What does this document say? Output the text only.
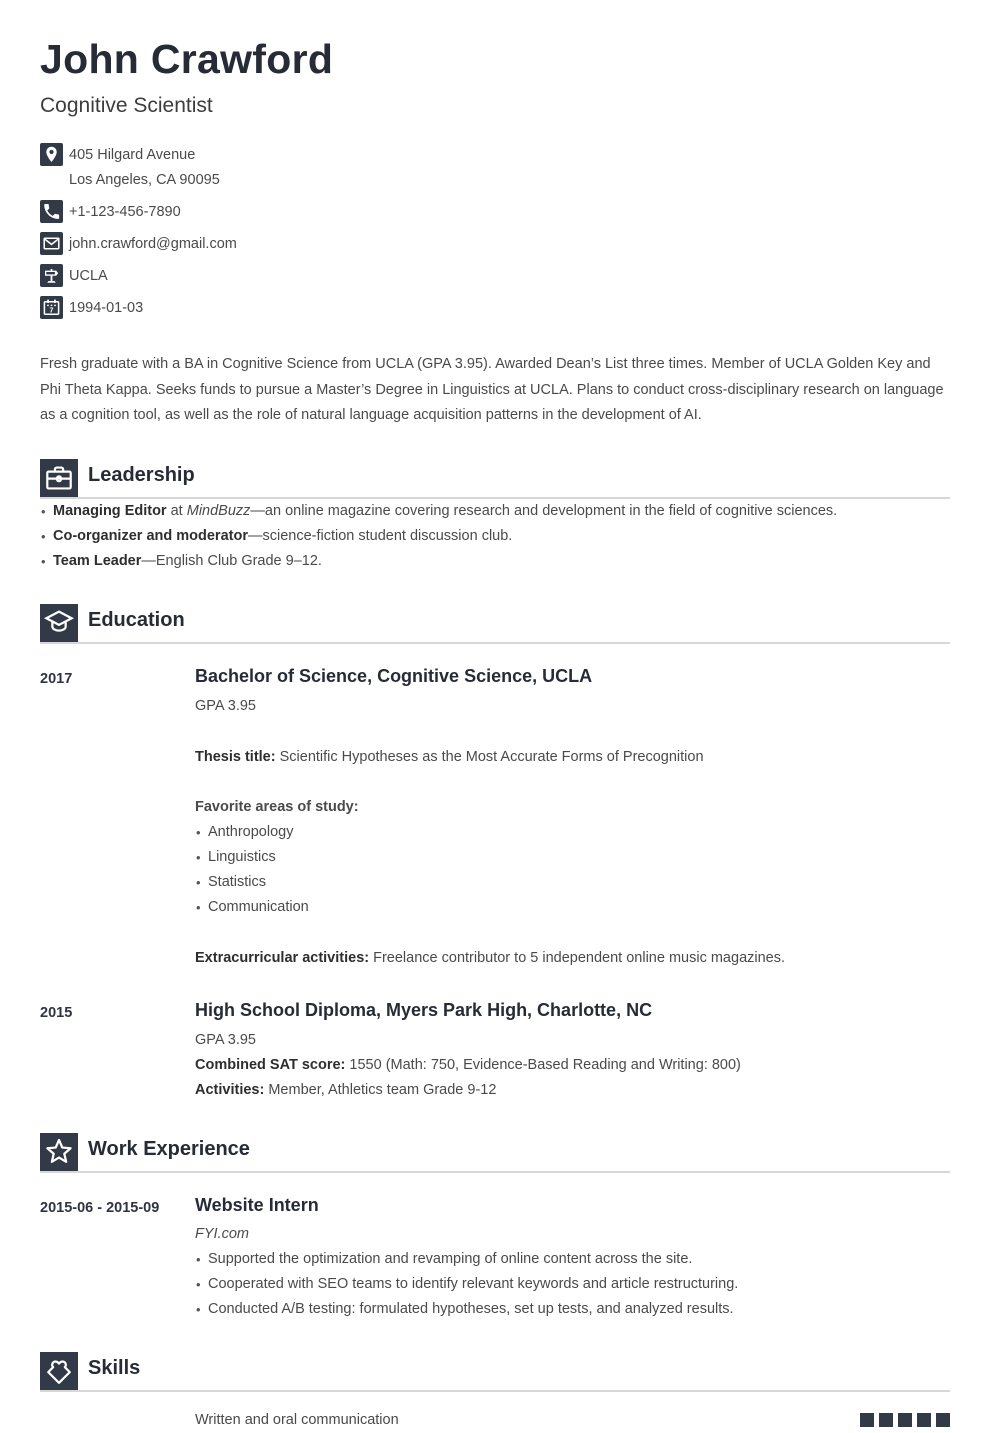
John Crawford
Cognitive Scientist
405 Hilgard Avenue
Los Angeles, CA 90095
+1-123-456-7890
john.crawford@gmail.com
UCLA
7 1994-01-03

Fresh graduate with a BA in Cognitive Science from UCLA (GPA 3.95). Awarded Dean’s List three times. Member of UCLA Golden Key and Phi Theta Kappa. Seeks funds to pursue a Master’s Degree in Linguistics at UCLA. Plans to conduct cross-disciplinary research on language as a cognition tool, as well as the role of natural language acquisition patterns in the development of AI.

Leadership
• Managing Editor at MindBuzz—an online magazine covering research and development in the field of cognitive sciences.
• Co-organizer and moderator—science-fiction student discussion club.
• Team Leader—English Club Grade 9–12.
Education
2017	Bachelor of Science, Cognitive Science, UCLA
GPA 3.95
Thesis title: Scientific Hypotheses as the Most Accurate Forms of Precognition
Favorite areas of study:
• Anthropology
• Linguistics
• Statistics
• Communication
Extracurricular activities: Freelance contributor to 5 independent online music magazines.
2015	High School Diploma, Myers Park High, Charlotte, NC
GPA 3.95
Combined SAT score: 1550 (Math: 750, Evidence-Based Reading and Writing: 800)
Activities: Member, Athletics team Grade 9-12
Work Experience
2015-06 - 2015-09	Website Intern
FYI.com
• Supported the optimization and revamping of online content across the site.
• Cooperated with SEO teams to identify relevant keywords and article restructuring.
• Conducted A/B testing: formulated hypotheses, set up tests, and analyzed results.
Skills
Written and oral communication
